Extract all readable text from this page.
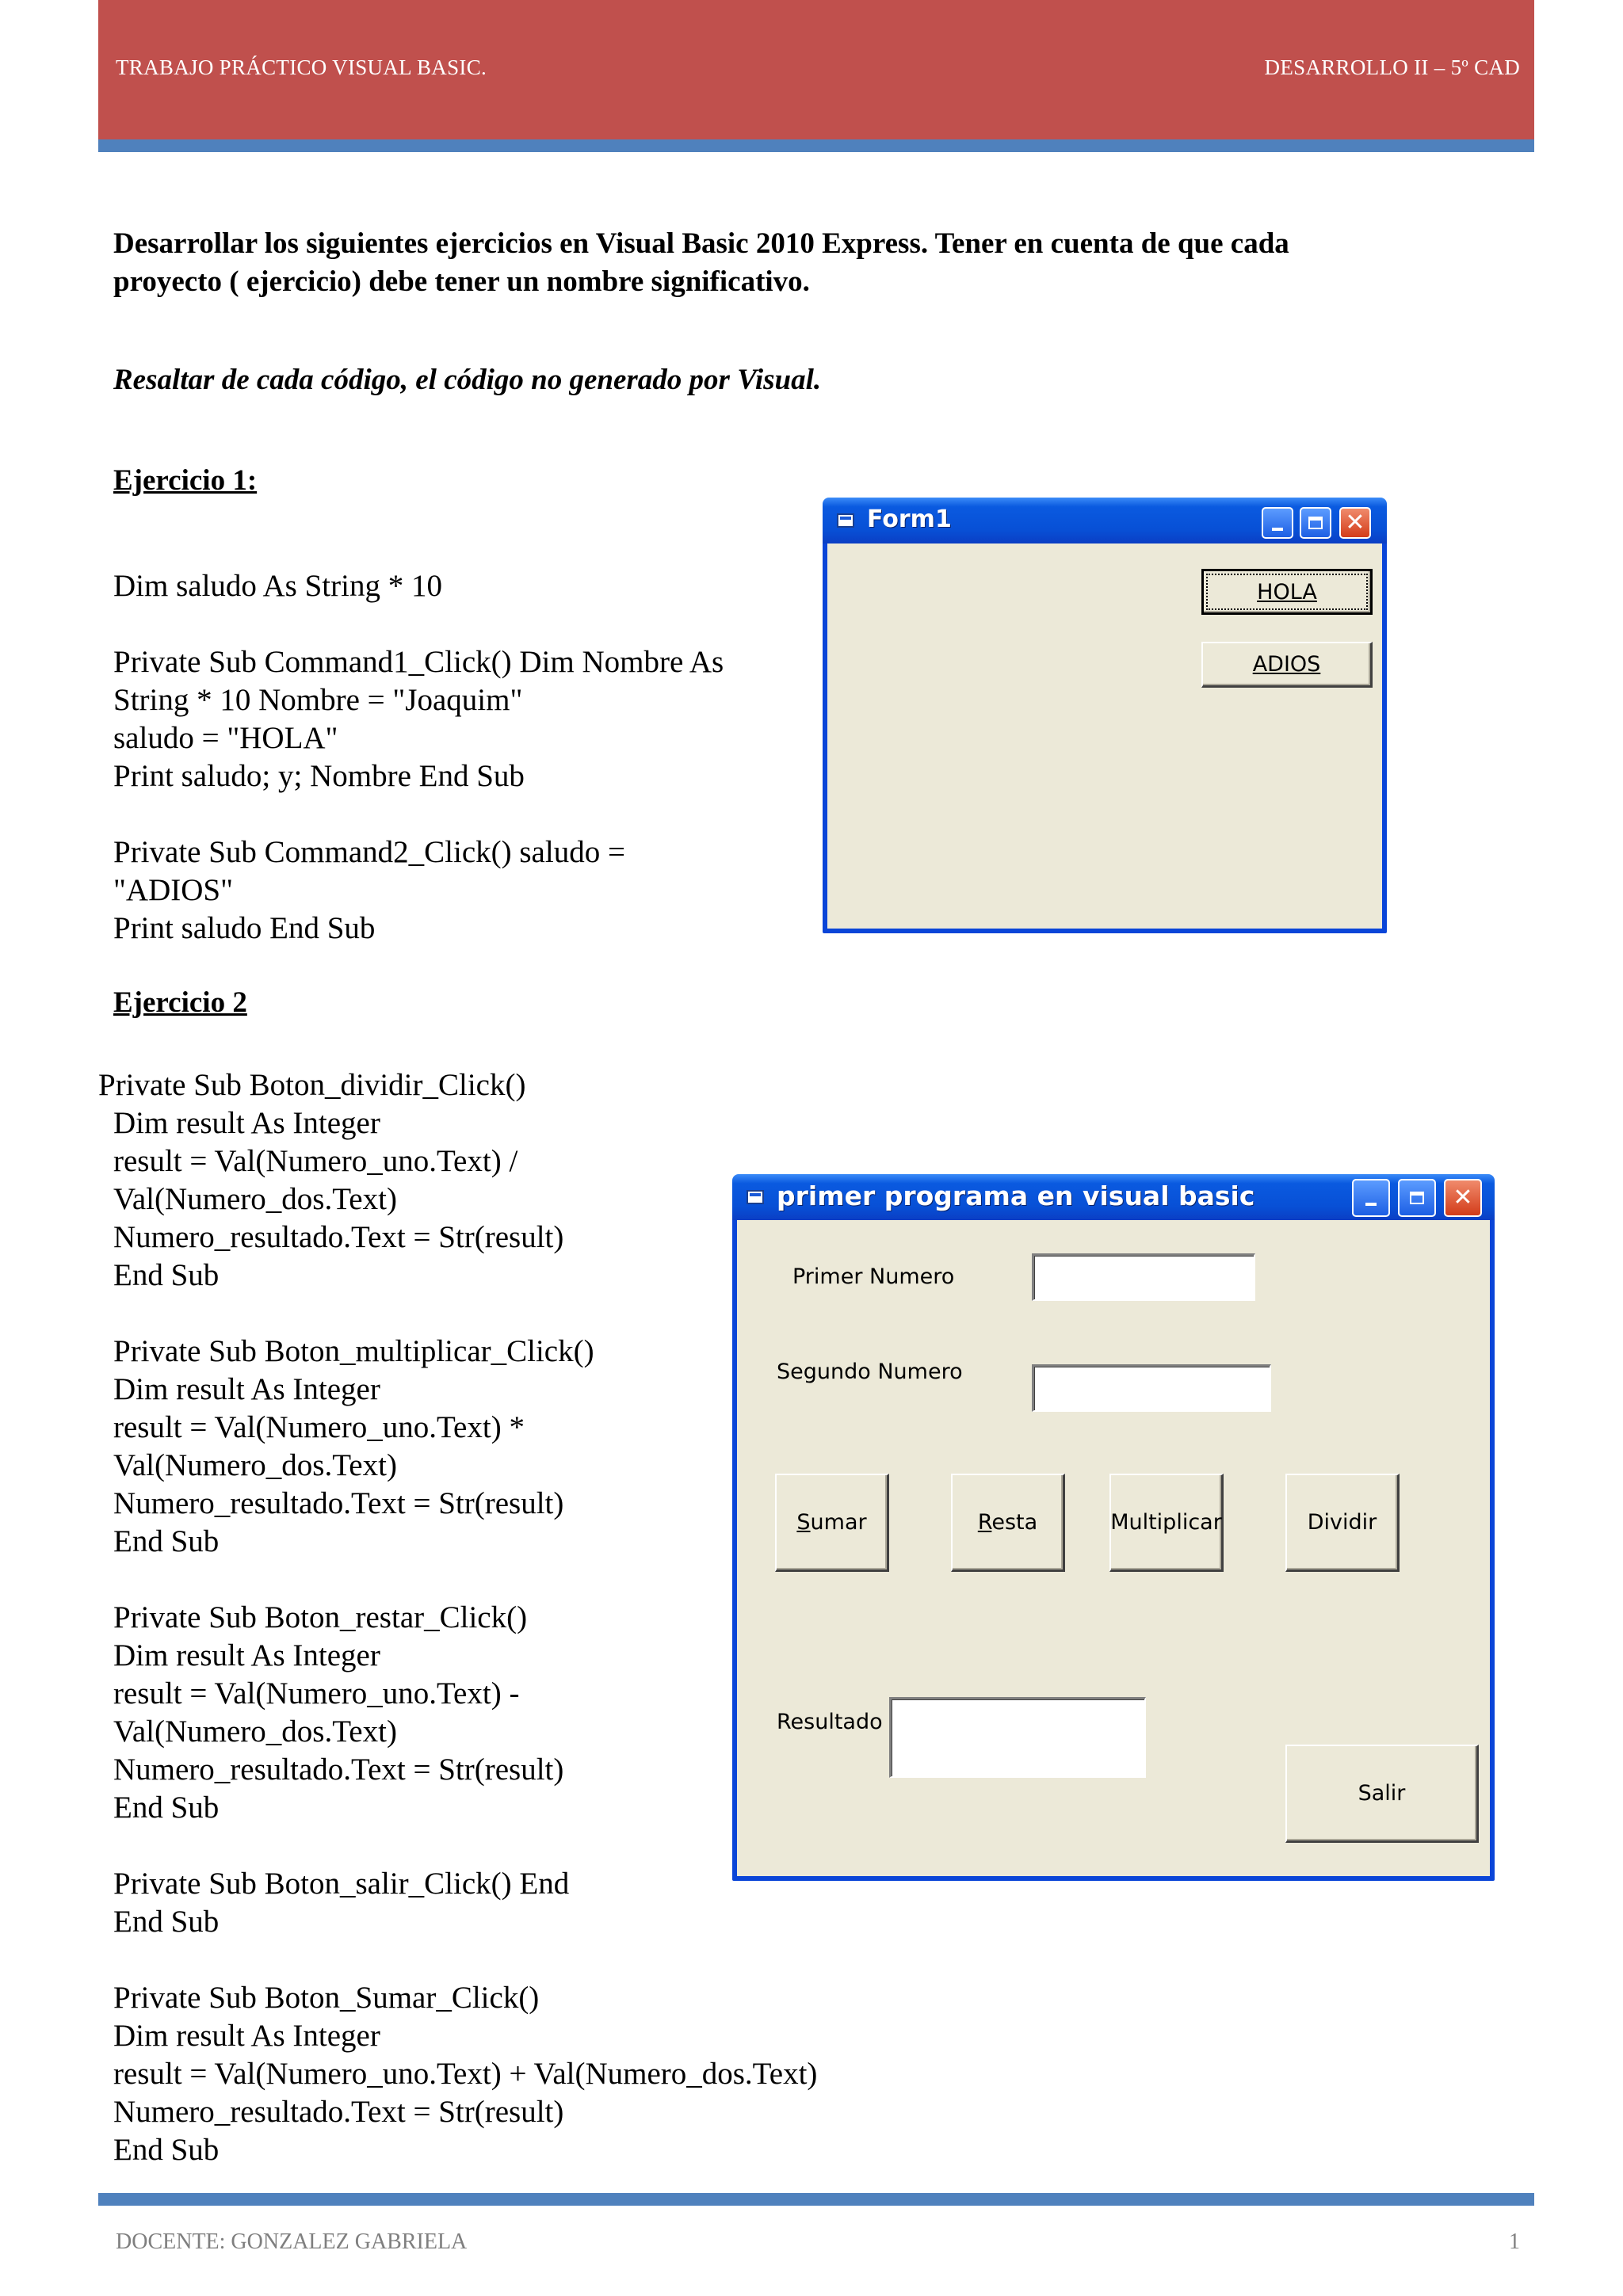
TRABAJO PRÁCTICO VISUAL BASIC.	DESARROLLO II – 5º CAD
Desarrollar los siguientes ejercicios en Visual Basic 2010 Express. Tener en cuenta de que cada
proyecto ( ejercicio) debe tener un nombre significativo.
Resaltar de cada código, el código no generado por Visual.
Ejercicio 1:
Dim saludo As String * 10

Private Sub Command1_Click() Dim Nombre As
String * 10 Nombre = "Joaquim"
saludo = "HOLA"
Print saludo; y; Nombre End Sub

Private Sub Command2_Click() saludo =
"ADIOS"
Print saludo End Sub
Form1	✕
HOLA
ADIOS
Ejercicio 2
Private Sub Boton_dividir_Click()
Dim result As Integer
result = Val(Numero_uno.Text) /
Val(Numero_dos.Text)
Numero_resultado.Text = Str(result)
End Sub

Private Sub Boton_multiplicar_Click()
Dim result As Integer
result = Val(Numero_uno.Text) *
Val(Numero_dos.Text)
Numero_resultado.Text = Str(result)
End Sub

Private Sub Boton_restar_Click()
Dim result As Integer
result = Val(Numero_uno.Text) -
Val(Numero_dos.Text)
Numero_resultado.Text = Str(result)
End Sub

Private Sub Boton_salir_Click() End
End Sub

Private Sub Boton_Sumar_Click()
Dim result As Integer
result = Val(Numero_uno.Text) + Val(Numero_dos.Text)
Numero_resultado.Text = Str(result)
End Sub
primer programa en visual basic	✕
Primer Numero
Segundo Numero
Sumar	Resta	Multiplicar	Dividir
Resultado
Salir
DOCENTE: GONZALEZ GABRIELA	1
